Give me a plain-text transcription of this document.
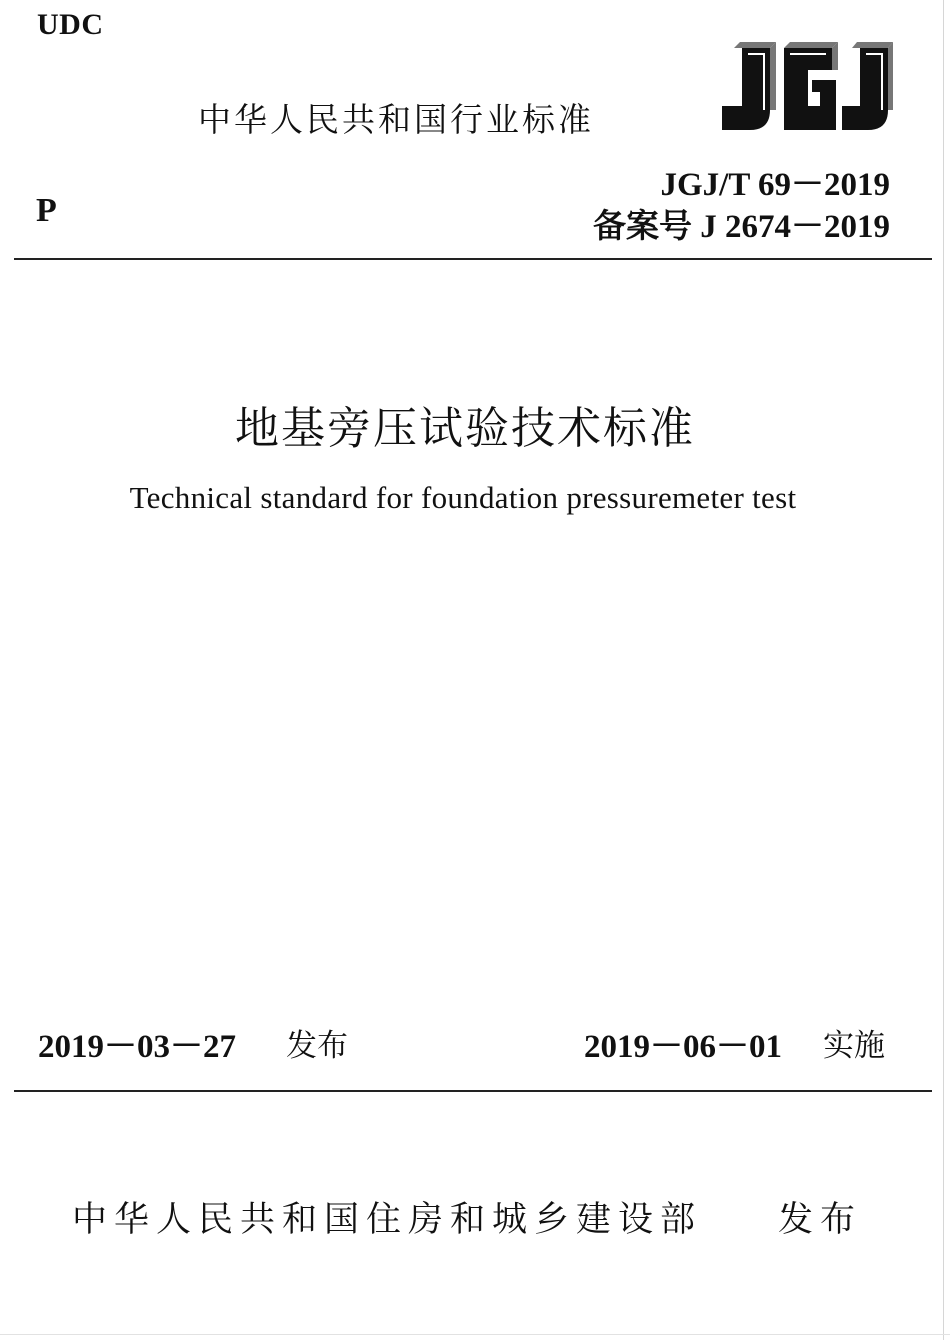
UDC
中华人民共和国行业标准
P
JGJ/T 69－2019
备案号 J 2674－2019
地基旁压试验技术标准
Technical standard for foundation pressuremeter test
2019－03－27 发布	2019－06－01 实施
中华人民共和国住房和城乡建设部 发布
